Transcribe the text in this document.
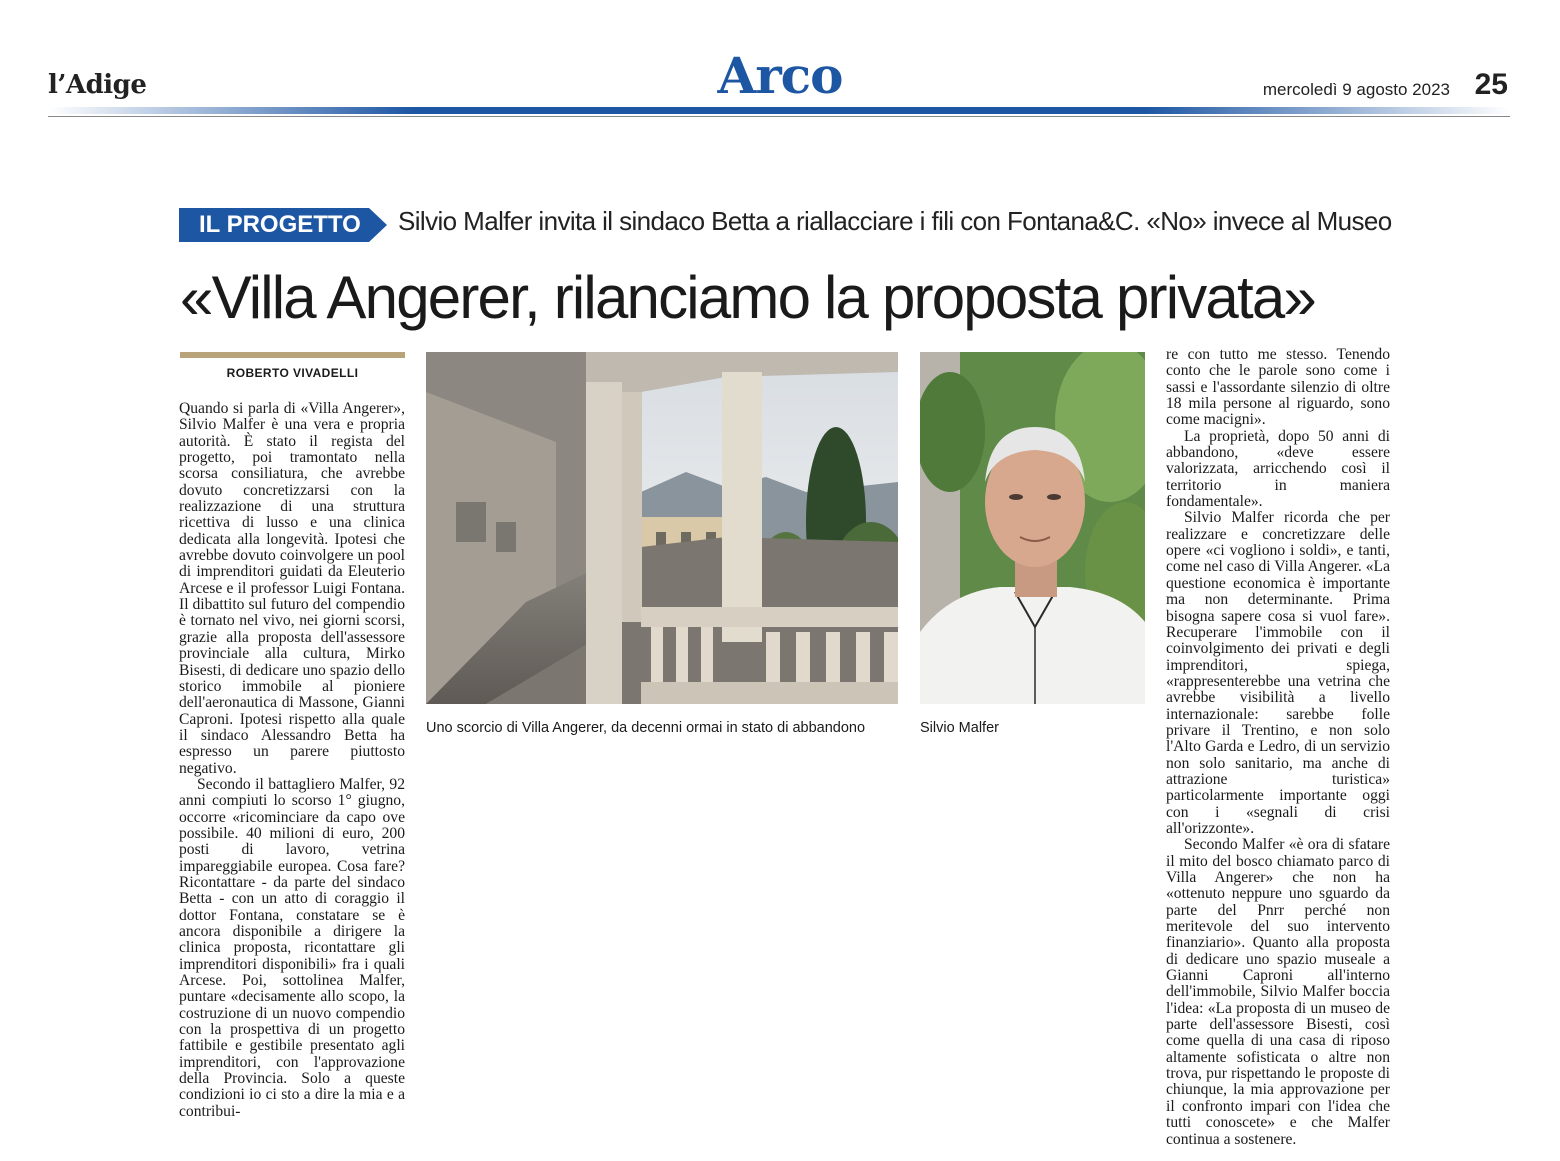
l’Adige	Arco	mercoledì 9 agosto 2023 25
IL PROGETTO	Silvio Malfer invita il sindaco Betta a riallacciare i fili con Fontana&C. «No» invece al Museo
«Villa Angerer, rilanciamo la proposta privata»
ROBERTO VIVADELLI

Quando si parla di «Villa Angerer», Silvio Malfer è una vera e propria autorità. È stato il regista del progetto, poi tramontato nella scorsa consiliatura, che avrebbe dovuto concretizzarsi con la realizzazione di una struttura ricettiva di lusso e una clinica dedicata alla longevità. Ipotesi che avrebbe dovuto coinvolgere un pool di imprenditori guidati da Eleuterio Arcese e il professor Luigi Fontana. Il dibattito sul futuro del compendio è tornato nel vivo, nei giorni scorsi, grazie alla proposta dell'assessore provinciale alla cultura, Mirko Bisesti, di dedicare uno spazio dello storico immobile al pioniere dell'aeronautica di Massone, Gianni Caproni. Ipotesi rispetto alla quale il sindaco Alessandro Betta ha espresso un parere piuttosto negativo.

Secondo il battagliero Malfer, 92 anni compiuti lo scorso 1° giugno, occorre «ricominciare da capo ove possibile. 40 milioni di euro, 200 posti di lavoro, vetrina impareggiabile europea. Cosa fare? Ricontattare - da parte del sindaco Betta - con un atto di coraggio il dottor Fontana, constatare se è ancora disponibile a dirigere la clinica proposta, ricontattare gli imprenditori disponibili» fra i quali Arcese. Poi, sottolinea Malfer, puntare «decisamente allo scopo, la costruzione di un nuovo compendio con la prospettiva di un progetto fattibile e gestibile presentato agli imprenditori, con l'approvazione della Provincia. Solo a queste condizioni io ci sto a dire la mia e a contribui-

Uno scorcio di Villa Angerer, da decenni ormai in stato di abbandono	Silvio Malfer

re con tutto me stesso. Tenendo conto che le parole sono come i sassi e l'assordante silenzio di oltre 18 mila persone al riguardo, sono come macigni».

La proprietà, dopo 50 anni di abbandono, «deve essere valorizzata, arricchendo così il territorio in maniera fondamentale».

Silvio Malfer ricorda che per realizzare e concretizzare delle opere «ci vogliono i soldi», e tanti, come nel caso di Villa Angerer. «La questione economica è importante ma non determinante. Prima bisogna sapere cosa si vuol fare». Recuperare l'immobile con il coinvolgimento dei privati e degli imprenditori, spiega, «rappresenterebbe una vetrina che avrebbe visibilità a livello internazionale: sarebbe folle privare il Trentino, e non solo l'Alto Garda e Ledro, di un servizio non solo sanitario, ma anche di attrazione turistica» particolarmente importante oggi con i «segnali di crisi all'orizzonte».

Secondo Malfer «è ora di sfatare il mito del bosco chiamato parco di Villa Angerer» che non ha «ottenuto neppure uno sguardo da parte del Pnrr perché non meritevole del suo intervento finanziario». Quanto alla proposta di dedicare uno spazio museale a Gianni Caproni all'interno dell'immobile, Silvio Malfer boccia l'idea: «La proposta di un museo de parte dell'assessore Bisesti, così come quella di una casa di riposo altamente sofisticata o altre non trova, pur rispettando le proposte di chiunque, la mia approvazione per il confronto impari con l'idea che tutti conoscete» e che Malfer continua a sostenere.
